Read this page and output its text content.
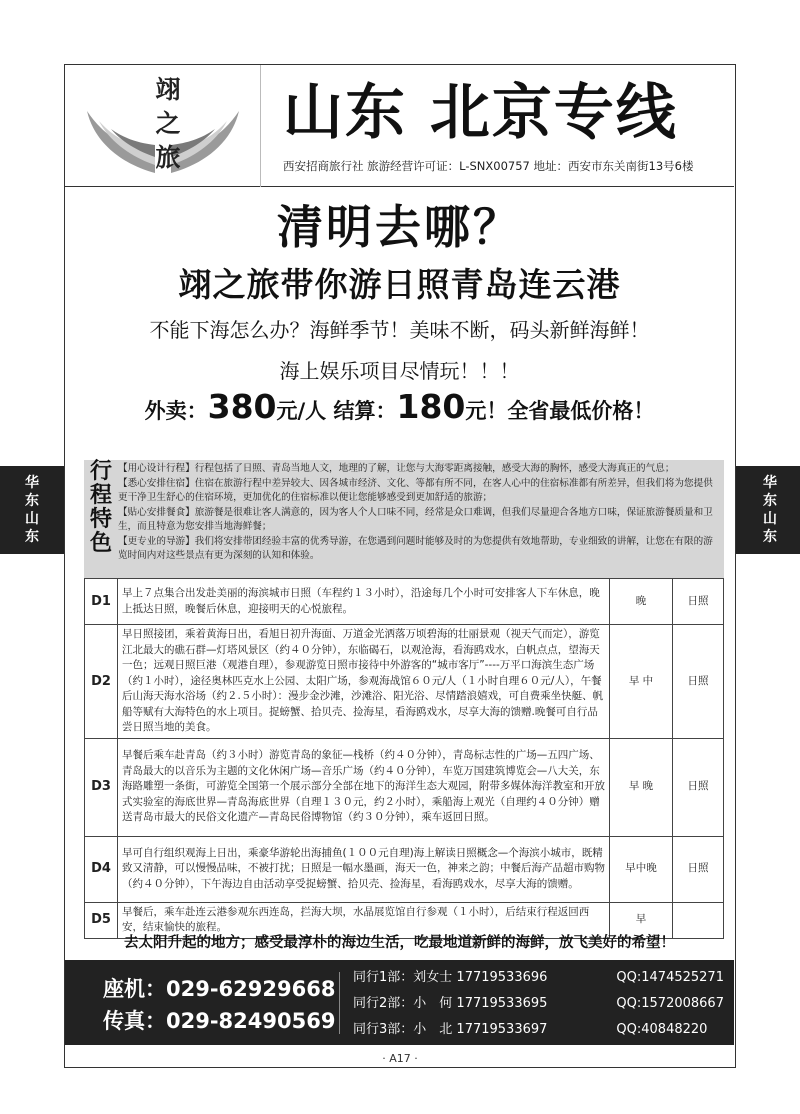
翊
之
旅
山东 北京专线
西安招商旅行社 旅游经营许可证：L-SNX00757 地址：西安市东关南街13号6楼
清明去哪？
翊之旅带你游日照青岛连云港
不能下海怎么办？海鲜季节！美味不断，码头新鲜海鲜！
海上娱乐项目尽情玩！！！
外卖：380元/人 结算：180元！全省最低价格！
行
程
特
色
【用心设计行程】行程包括了日照、青岛当地人文，地理的了解，让您与大海零距离接触，感受大海的胸怀，感受大海真正的气息；
【悉心安排住宿】住宿在旅游行程中差异较大、因各城市经济、文化、等都有所不同，在客人心中的住宿标准都有所差异，但我们将为您提供更干净卫生舒心的住宿环境，更加优化的住宿标准以便让您能够感受到更加舒适的旅游；
【贴心安排餐食】旅游餐是很难让客人满意的，因为客人个人口味不同，经常是众口难调，但我们尽量迎合各地方口味，保证旅游餐质量和卫生，而且特意为您安排当地海鲜餐；
【更专业的导游】我们将安排带团经验丰富的优秀导游，在您遇到问题时能够及时的为您提供有效地帮助，专业细致的讲解，让您在有限的游览时间内对这些景点有更为深刻的认知和体验。
D1	早上７点集合出发赴美丽的海滨城市日照（车程约１３小时），沿途每几个小时可安排客人下车休息，晚上抵达日照，晚餐后休息，迎接明天的心悦旅程。	晚	日照
D2	早日照接团，乘着黄海日出，看旭日初升海面、万道金光洒落万顷碧海的壮丽景观（视天气而定），游览江北最大的礁石群—灯塔风景区（约４０分钟），东临碣石，以观沧海，看海鸥戏水，白帆点点，望海天一色；远观日照巨港（观港自理），参观游览日照市接待中外游客的“城市客厅”----万平口海滨生态广场（约１小时），途径奥林匹克水上公园、太阳广场，参观海战馆６０元/人（１小时自理６０元/人），午餐后山海天海水浴场（约２.５小时）：漫步金沙滩，沙滩浴、阳光浴、尽情踏浪嬉戏，可自费乘坐快艇、帆船等赋有大海特色的水上项目。捉螃蟹、拾贝壳、捡海星，看海鸥戏水，尽享大海的馈赠.晚餐可自行品尝日照当地的美食。	早 中	日照
D3	早餐后乘车赴青岛（约３小时）游览青岛的象征—栈桥（约４０分钟），青岛标志性的广场—五四广场、青岛最大的以音乐为主题的文化休闲广场—音乐广场（约４０分钟），车览万国建筑博览会—八大关，东海路雕塑一条街，可游览全国第一个展示部分全部在地下的海洋生态大观园，附带多媒体海洋教室和开放式实验室的海底世界—青岛海底世界（自理１３０元，约２小时），乘船海上观光（自理约４０分钟）赠送青岛市最大的民俗文化遗产—青岛民俗博物馆（约３０分钟），乘车返回日照。	早 晚	日照
D4	早可自行组织观海上日出，乘豪华游轮出海捕鱼(１００元自理)海上解读日照概念—个海滨小城市，既精致又清静，可以慢慢品味，不被打扰；日照是一幅水墨画，海天一色，神来之韵；中餐后海产品超市购物（约４０分钟），下午海边自由活动享受捉螃蟹、拾贝壳、捡海星，看海鸥戏水，尽享大海的馈赠。	早中晚	日照
D5	早餐后，乘车赴连云港参观东西连岛，拦海大坝，水晶展览馆自行参观（１小时），后结束行程返回西安，结束愉快的旅程。	早	
去太阳升起的地方；感受最淳朴的海边生活，吃最地道新鲜的海鲜，放飞美好的希望！
座机：029-62929668
传真：029-82490569
同行1部：刘女士 17719533696	QQ:1474525271
同行2部：小　何 17719533695	QQ:1572008667
同行3部：小　北 17719533697	QQ:40848220
华
东
山
东
华
东
山
东
· A17 ·
